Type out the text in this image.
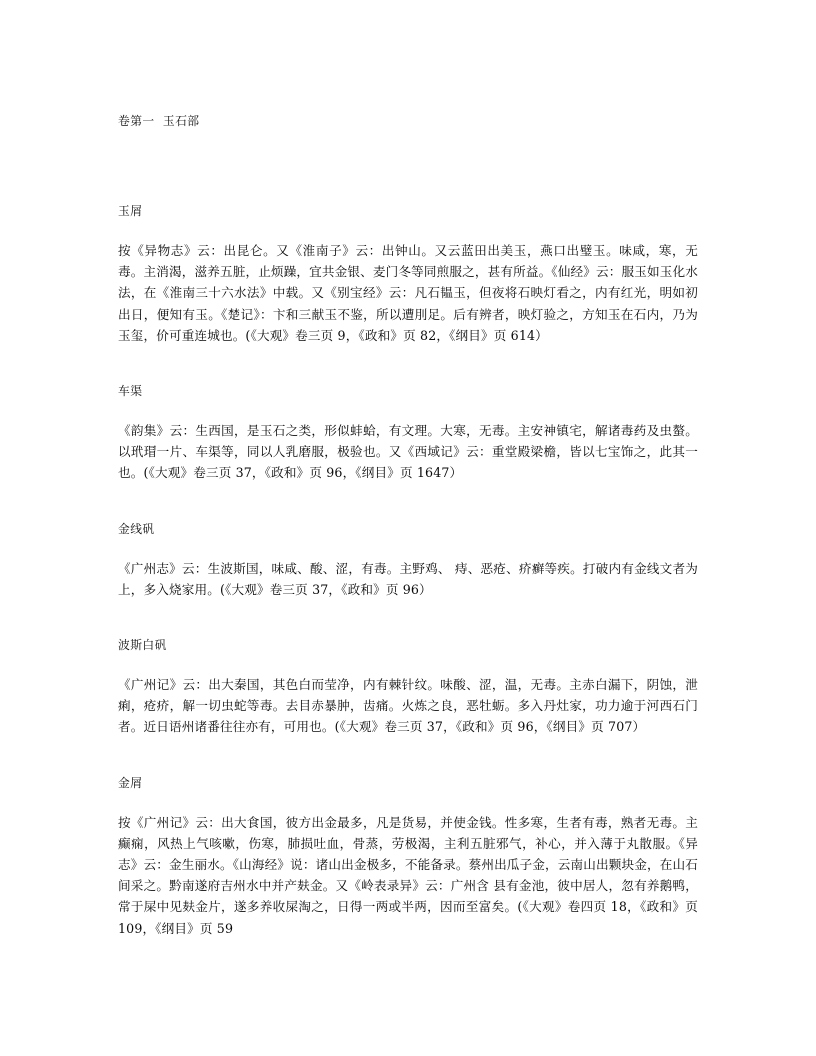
卷第一  玉石部
玉屑

按《异物志》云：出昆仑。又《淮南子》云：出钟山。又云蓝田出美玉，燕口出璧玉。味咸，寒，无毒。主消渴，滋养五脏，止烦躁，宜共金银、麦门冬等同煎服之，甚有所益。《仙经》云：服玉如玉化水法，在《淮南三十六水法》中载。又《别宝经》云：凡石韫玉，但夜将石映灯看之，内有红光，明如初出日，便知有玉。《楚记》：卞和三献玉不鉴，所以遭刖足。后有辨者，映灯验之，方知玉在石内，乃为玉玺，价可重连城也。(《大观》卷三页 9，《政和》页 82，《纲目》页 614）

车渠

《韵集》云：生西国，是玉石之类，形似蚌蛤，有文理。大寒，无毒。主安神镇宅，解诸毒药及虫螯。以玳瑁一片、车渠等，同以人乳磨服，极验也。又《西域记》云：重堂殿梁檐，皆以七宝饰之，此其一也。(《大观》卷三页 37，《政和》页 96，《纲目》页 1647）

金线矾

《广州志》云：生波斯国，味咸、酸、涩，有毒。主野鸡、 痔、恶疮、疥癣等疾。打破内有金线文者为上，多入烧家用。(《大观》卷三页 37，《政和》页 96）

波斯白矾

《广州记》云：出大秦国，其色白而莹净，内有棘针纹。味酸、涩，温，无毒。主赤白漏下，阴蚀，泄痢，疮疥，解一切虫蛇等毒。去目赤暴肿，齿痛。火炼之良，恶牡蛎。多入丹灶家，功力逾于河西石门者。近日语州诸番往往亦有，可用也。(《大观》卷三页 37，《政和》页 96，《纲目》页 707）

金屑

按《广州记》云：出大食国，彼方出金最多，凡是货易，并使金钱。性多寒，生者有毒，熟者无毒。主癫痫，风热上气咳嗽，伤寒，肺损吐血，骨蒸，劳极渴，主利五脏邪气，补心，并入薄于丸散服。《异志》云：金生丽水。《山海经》说：诸山出金极多，不能备录。蔡州出瓜子金，云南山出颗块金，在山石间采之。黔南遂府吉州水中并产麸金。又《岭表录异》云：广州含 县有金池，彼中居人，忽有养鹅鸭，常于屎中见麸金片，遂多养收屎淘之，日得一两或半两，因而至富矣。(《大观》卷四页 18，《政和》页 109，《纲目》页 59
